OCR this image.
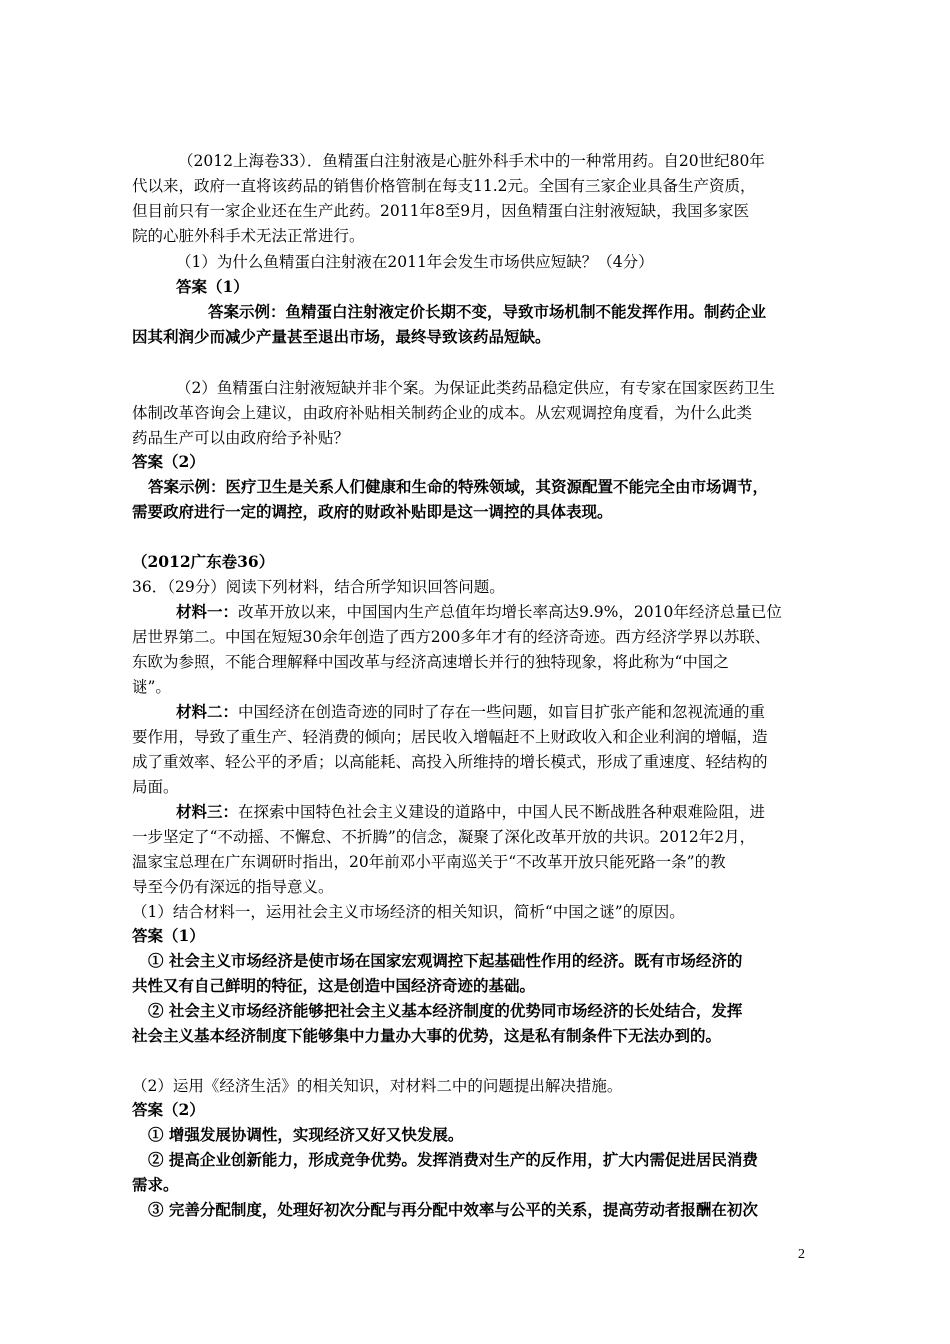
（2012上海卷33）．鱼精蛋白注射液是心脏外科手术中的一种常用药。自20世纪80年
代以来，政府一直将该药品的销售价格管制在每支11.2元。全国有三家企业具备生产资质，
但目前只有一家企业还在生产此药。2011年8至9月，因鱼精蛋白注射液短缺，我国多家医
院的心脏外科手术无法正常进行。
（1）为什么鱼精蛋白注射液在2011年会发生市场供应短缺？（4分）
答案（1）
答案示例：鱼精蛋白注射液定价长期不变，导致市场机制不能发挥作用。制药企业
因其利润少而减少产量甚至退出市场，最终导致该药品短缺。
（2）鱼精蛋白注射液短缺并非个案。为保证此类药品稳定供应，有专家在国家医药卫生
体制改革咨询会上建议，由政府补贴相关制药企业的成本。从宏观调控角度看，为什么此类
药品生产可以由政府给予补贴？
答案（2）
答案示例：医疗卫生是关系人们健康和生命的特殊领域，其资源配置不能完全由市场调节，
需要政府进行一定的调控，政府的财政补贴即是这一调控的具体表现。
（2012广东卷36）
36．（29分）阅读下列材料，结合所学知识回答问题。
材料一：改革开放以来，中国国内生产总值年均增长率高达9.9%，2010年经济总量已位
居世界第二。中国在短短30余年创造了西方200多年才有的经济奇迹。西方经济学界以苏联、
东欧为参照，不能合理解释中国改革与经济高速增长并行的独特现象，将此称为“中国之
谜”。
材料二：中国经济在创造奇迹的同时了存在一些问题，如盲目扩张产能和忽视流通的重
要作用，导致了重生产、轻消费的倾向；居民收入增幅赶不上财政收入和企业利润的增幅，造
成了重效率、轻公平的矛盾；以高能耗、高投入所维持的增长模式，形成了重速度、轻结构的
局面。
材料三：在探索中国特色社会主义建设的道路中，中国人民不断战胜各种艰难险阻，进
一步坚定了“不动摇、不懈怠、不折腾”的信念，凝聚了深化改革开放的共识。2012年2月，
温家宝总理在广东调研时指出，20年前邓小平南巡关于“不改革开放只能死路一条”的教
导至今仍有深远的指导意义。
（1）结合材料一，运用社会主义市场经济的相关知识，简析“中国之谜”的原因。
答案（1）
① 社会主义市场经济是使市场在国家宏观调控下起基础性作用的经济。既有市场经济的
共性又有自己鲜明的特征，这是创造中国经济奇迹的基础。
② 社会主义市场经济能够把社会主义基本经济制度的优势同市场经济的长处结合，发挥
社会主义基本经济制度下能够集中力量办大事的优势，这是私有制条件下无法办到的。
（2）运用《经济生活》的相关知识，对材料二中的问题提出解决措施。
答案（2）
① 增强发展协调性，实现经济又好又快发展。
② 提高企业创新能力，形成竞争优势。发挥消费对生产的反作用，扩大内需促进居民消费
需求。
③ 完善分配制度，处理好初次分配与再分配中效率与公平的关系，提高劳动者报酬在初次
2
